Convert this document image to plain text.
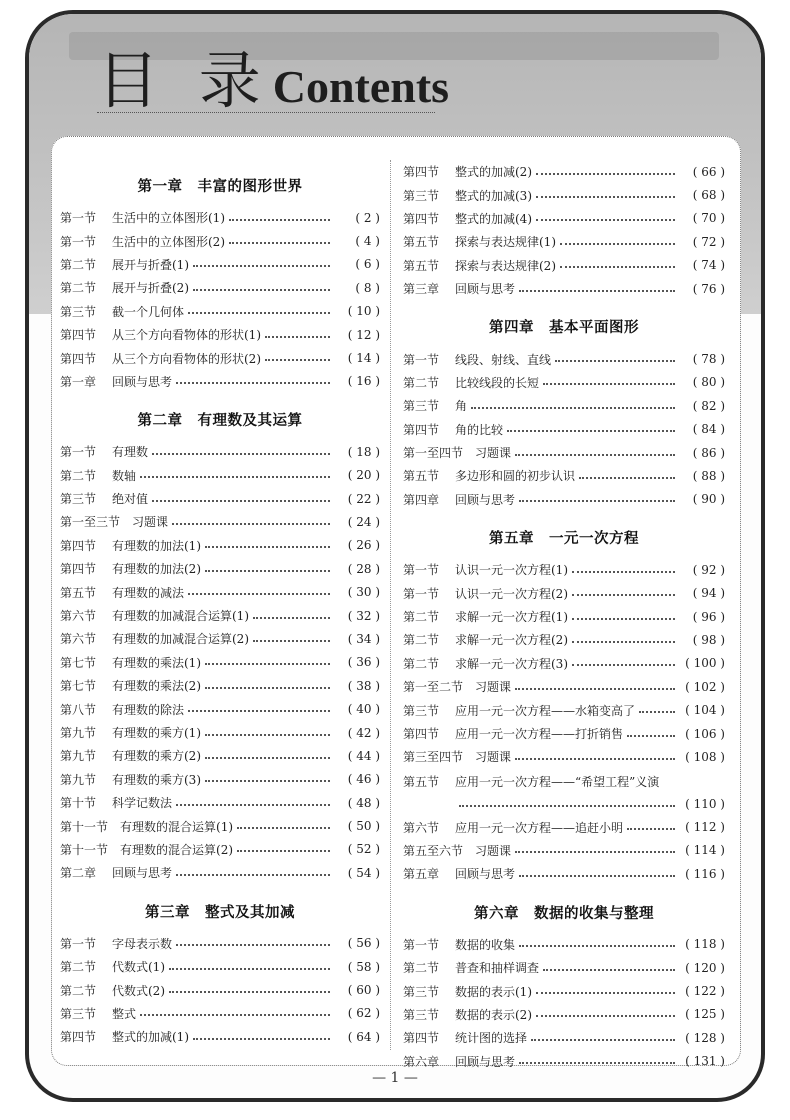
目 录 Contents
第一章　丰富的图形世界
第一节	生活中的立体图形(1)	( 2 )
第一节	生活中的立体图形(2)	( 4 )
第二节	展开与折叠(1)	( 6 )
第二节	展开与折叠(2)	( 8 )
第三节	截一个几何体	( 10 )
第四节	从三个方向看物体的形状(1)	( 12 )
第四节	从三个方向看物体的形状(2)	( 14 )
第一章	回顾与思考	( 16 )
第二章　有理数及其运算
第一节	有理数	( 18 )
第二节	数轴	( 20 )
第三节	绝对值	( 22 )
第一至三节 习题课	( 24 )
第四节	有理数的加法(1)	( 26 )
第四节	有理数的加法(2)	( 28 )
第五节	有理数的减法	( 30 )
第六节	有理数的加减混合运算(1)	( 32 )
第六节	有理数的加减混合运算(2)	( 34 )
第七节	有理数的乘法(1)	( 36 )
第七节	有理数的乘法(2)	( 38 )
第八节	有理数的除法	( 40 )
第九节	有理数的乘方(1)	( 42 )
第九节	有理数的乘方(2)	( 44 )
第九节	有理数的乘方(3)	( 46 )
第十节	科学记数法	( 48 )
第十一节 有理数的混合运算(1)	( 50 )
第十一节 有理数的混合运算(2)	( 52 )
第二章	回顾与思考	( 54 )
第三章　整式及其加减
第一节	字母表示数	( 56 )
第二节	代数式(1)	( 58 )
第二节	代数式(2)	( 60 )
第三节	整式	( 62 )
第四节	整式的加减(1)	( 64 )
第四节	整式的加减(2)	( 66 )
第三节	整式的加减(3)	( 68 )
第四节	整式的加减(4)	( 70 )
第五节	探索与表达规律(1)	( 72 )
第五节	探索与表达规律(2)	( 74 )
第三章	回顾与思考	( 76 )
第四章　基本平面图形
第一节	线段、射线、直线	( 78 )
第二节	比较线段的长短	( 80 )
第三节	角	( 82 )
第四节	角的比较	( 84 )
第一至四节 习题课	( 86 )
第五节	多边形和圆的初步认识	( 88 )
第四章	回顾与思考	( 90 )
第五章　一元一次方程
第一节	认识一元一次方程(1)	( 92 )
第一节	认识一元一次方程(2)	( 94 )
第二节	求解一元一次方程(1)	( 96 )
第二节	求解一元一次方程(2)	( 98 )
第二节	求解一元一次方程(3)	( 100 )
第一至二节 习题课	( 102 )
第三节	应用一元一次方程——水箱变高了	( 104 )
第四节	应用一元一次方程——打折销售	( 106 )
第三至四节 习题课	( 108 )
第五节	应用一元一次方程——“希望工程”义演
( 110 )
第六节	应用一元一次方程——追赶小明	( 112 )
第五至六节 习题课	( 114 )
第五章	回顾与思考	( 116 )
第六章　数据的收集与整理
第一节	数据的收集	( 118 )
第二节	普查和抽样调查	( 120 )
第三节	数据的表示(1)	( 122 )
第三节	数据的表示(2)	( 125 )
第四节	统计图的选择	( 128 )
第六章	回顾与思考	( 131 )
— 1 —
